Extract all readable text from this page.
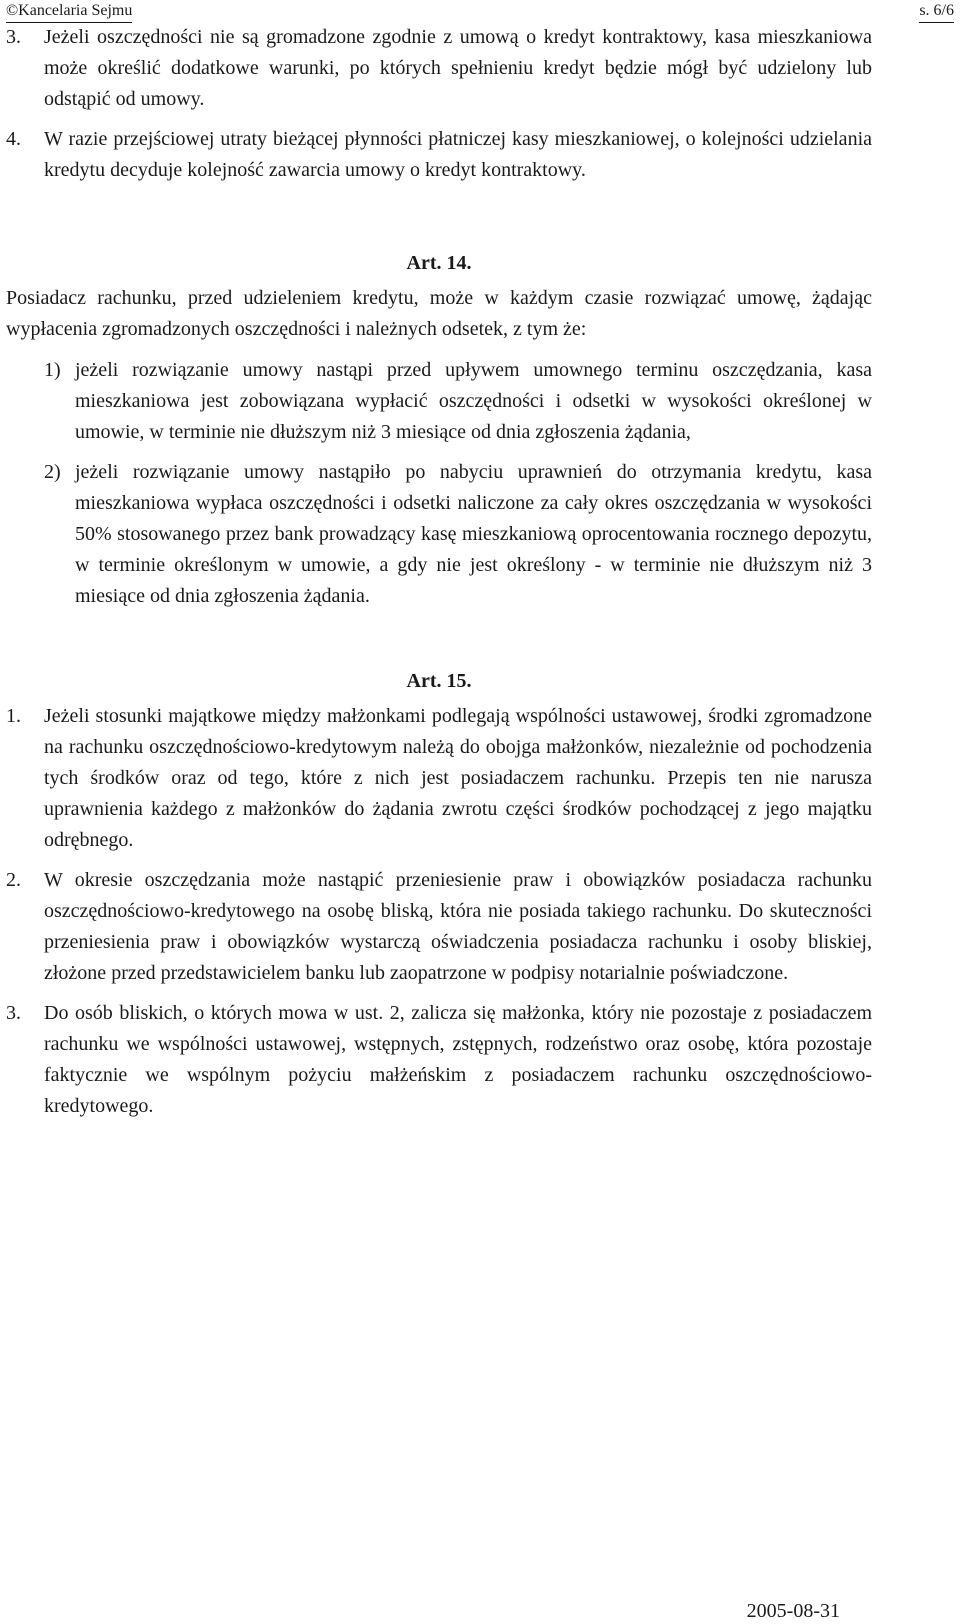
©Kancelaria Sejmu	s. 6/6
3.	Jeżeli oszczędności nie są gromadzone zgodnie z umową o kredyt kontraktowy, kasa mieszkaniowa może określić dodatkowe warunki, po których spełnieniu kredyt będzie mógł być udzielony lub odstąpić od umowy.
4.	W razie przejściowej utraty bieżącej płynności płatniczej kasy mieszkaniowej, o kolejności udzielania kredytu decyduje kolejność zawarcia umowy o kredyt kontraktowy.
Art. 14.
Posiadacz rachunku, przed udzieleniem kredytu, może w każdym czasie rozwiązać umowę, żądając wypłacenia zgromadzonych oszczędności i należnych odsetek, z tym że:
1) jeżeli rozwiązanie umowy nastąpi przed upływem umownego terminu oszczędzania, kasa mieszkaniowa jest zobowiązana wypłacić oszczędności i odsetki w wysokości określonej w umowie, w terminie nie dłuższym niż 3 miesiące od dnia zgłoszenia żądania,
2) jeżeli rozwiązanie umowy nastąpiło po nabyciu uprawnień do otrzymania kredytu, kasa mieszkaniowa wypłaca oszczędności i odsetki naliczone za cały okres oszczędzania w wysokości 50% stosowanego przez bank prowadzący kasę mieszkaniową oprocentowania rocznego depozytu, w terminie określonym w umowie, a gdy nie jest określony - w terminie nie dłuższym niż 3 miesiące od dnia zgłoszenia żądania.
Art. 15.
1.	Jeżeli stosunki majątkowe między małżonkami podlegają wspólności ustawowej, środki zgromadzone na rachunku oszczędnościowo-kredytowym należą do obojga małżonków, niezależnie od pochodzenia tych środków oraz od tego, które z nich jest posiadaczem rachunku. Przepis ten nie narusza uprawnienia każdego z małżonków do żądania zwrotu części środków pochodzącej z jego majątku odrębnego.
2.	W okresie oszczędzania może nastąpić przeniesienie praw i obowiązków posiadacza rachunku oszczędnościowo-kredytowego na osobę bliską, która nie posiada takiego rachunku. Do skuteczności przeniesienia praw i obowiązków wystarczą oświadczenia posiadacza rachunku i osoby bliskiej, złożone przed przedstawicielem banku lub zaopatrzone w podpisy notarialnie poświadczone.
3.	Do osób bliskich, o których mowa w ust. 2, zalicza się małżonka, który nie pozostaje z posiadaczem rachunku we wspólności ustawowej, wstępnych, zstępnych, rodzeństwo oraz osobę, która pozostaje faktycznie we wspólnym pożyciu małżeńskim z posiadaczem rachunku oszczędnościowo-kredytowego.
2005-08-31
